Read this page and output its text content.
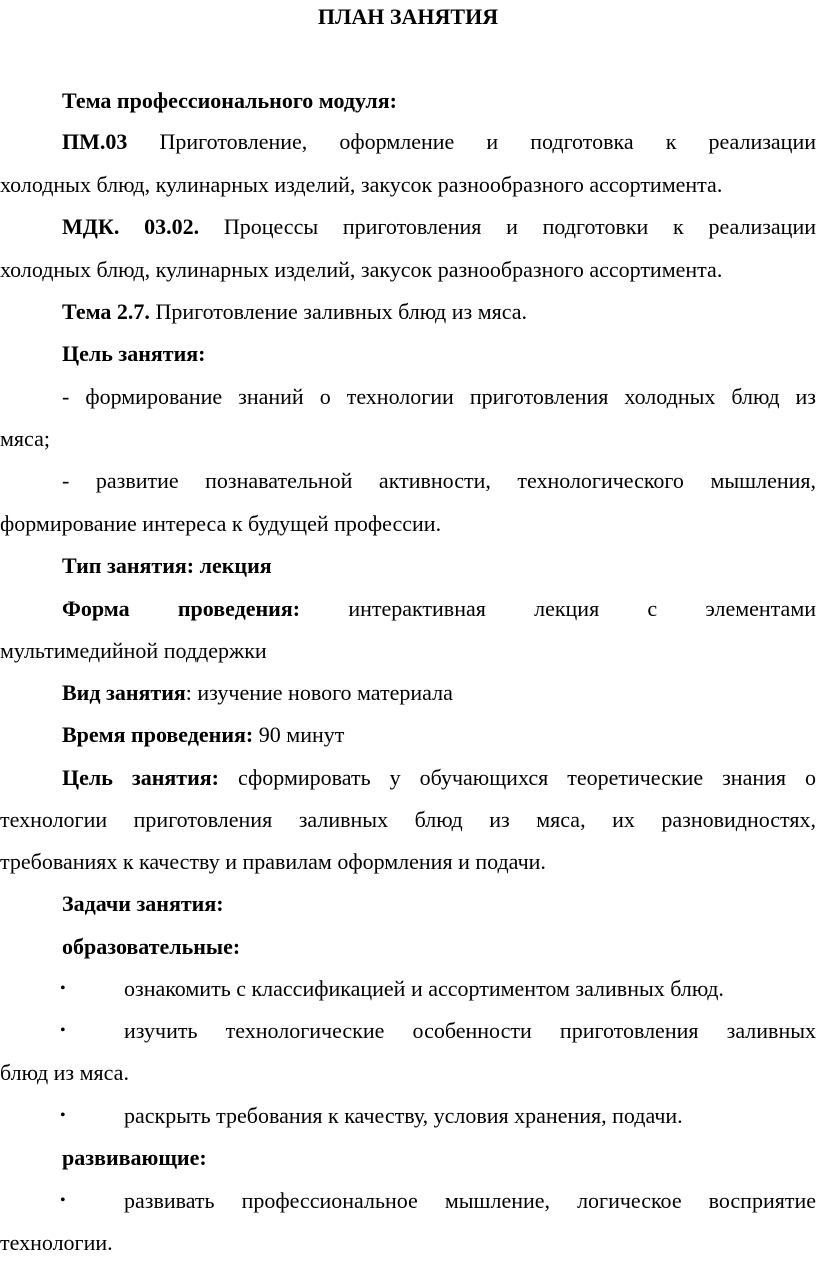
ПЛАН ЗАНЯТИЯ
Тема профессионального модуля:
ПМ.03 Приготовление, оформление и подготовка к реализации
холодных блюд, кулинарных изделий, закусок разнообразного ассортимента.
МДК. 03.02. Процессы приготовления и подготовки к реализации
холодных блюд, кулинарных изделий, закусок разнообразного ассортимента.
Тема 2.7. Приготовление заливных блюд из мяса.
Цель занятия:
- формирование знаний о технологии приготовления холодных блюд из
мяса;
- развитие познавательной активности, технологического мышления,
формирование интереса к будущей профессии.
Тип занятия: лекция
Форма проведения: интерактивная лекция с элементами
мультимедийной поддержки
Вид занятия: изучение нового материала
Время проведения: 90 минут
Цель занятия: сформировать у обучающихся теоретические знания о
технологии приготовления заливных блюд из мяса, их разновидностях,
требованиях к качеству и правилам оформления и подачи.
Задачи занятия:
образовательные:
•	ознакомить с классификацией и ассортиментом заливных блюд.
•	изучить технологические особенности приготовления заливных
блюд из мяса.
•	раскрыть требования к качеству, условия хранения, подачи.
развивающие:
•	развивать профессиональное мышление, логическое восприятие
технологии.
